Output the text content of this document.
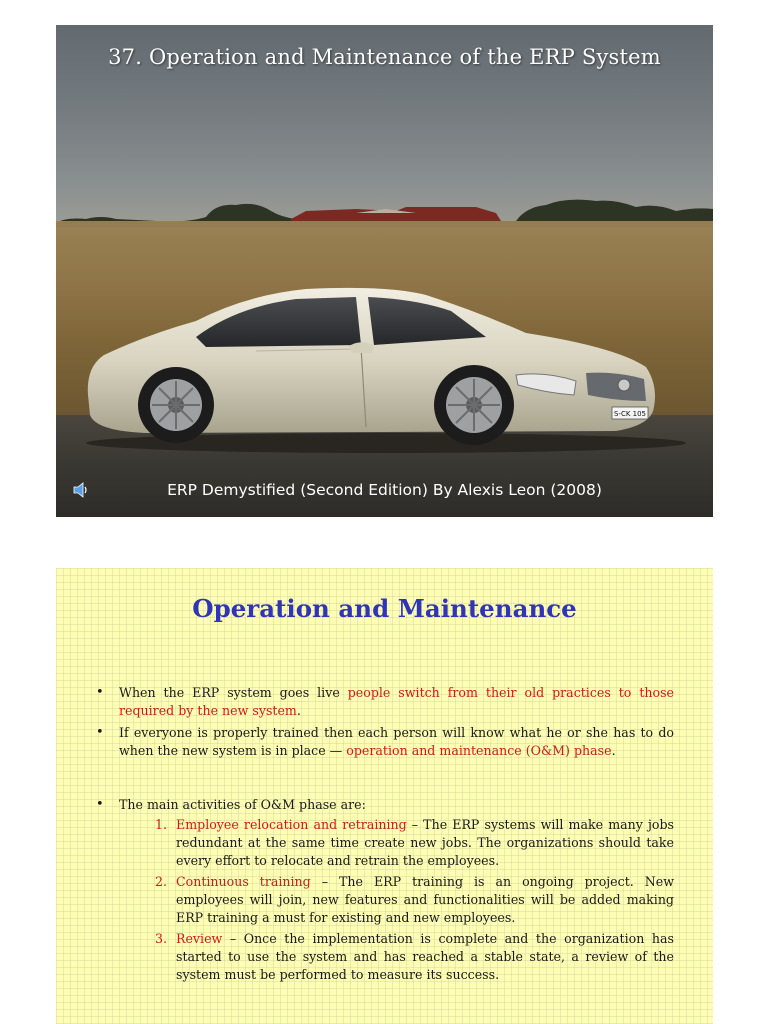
S-CK 105
37. Operation and Maintenance of the ERP System
ERP Demystified (Second Edition) By Alexis Leon (2008)
Operation and Maintenance
• When the ERP system goes live people switch from their old practices to those required by the new system.
• If everyone is properly trained then each person will know what he or she has to do when the new system is in place — operation and maintenance (O&M) phase.
• The main activities of O&M phase are:
1. Employee relocation and retraining – The ERP systems will make many jobs redundant at the same time create new jobs. The organizations should take every effort to relocate and retrain the employees.
2. Continuous training – The ERP training is an ongoing project. New employees will join, new features and functionalities will be added making ERP training a must for existing and new employees.
3. Review – Once the implementation is complete and the organization has started to use the system and has reached a stable state, a review of the system must be performed to measure its success.
